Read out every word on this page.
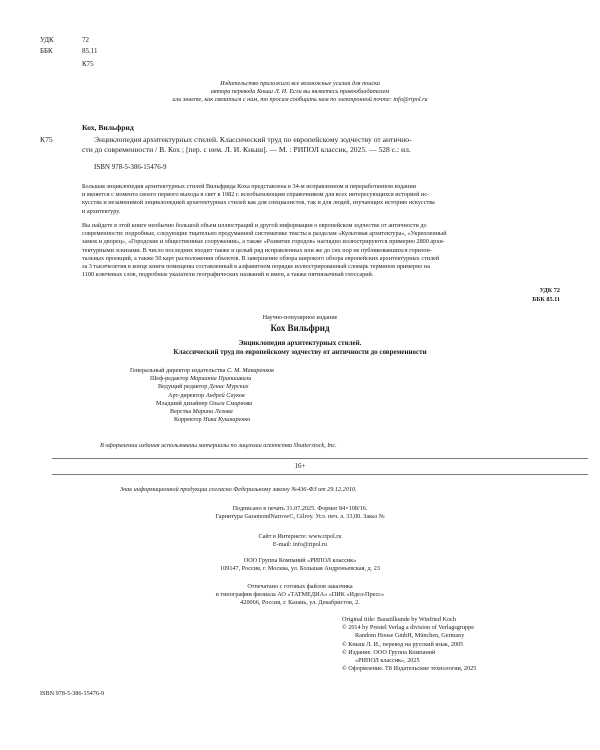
УДК	72
ББК	85.11
К75
Издательство приложило все возможные усилия для поиска
автора перевода Кныш Л. И. Если вы являетесь правообладателем
или знаете, как связаться с ним, то просим сообщить нам по электронной почте: info@ripol.ru
К75
Кох, Вильфрид
Энциклопедия архитектурных стилей. Классический труд по европейскому зодчеству от антично-
сти до современности / В. Кох ; [пер. с нем. Л. И. Кныш]. — М. : РИПОЛ классик, 2025. — 528 с.: ил.
ISBN 978-5-386-15476-9
Большая энциклопедия архитектурных стилей Вильфрида Коха представлена в 34-м исправленном и переработанном издании
и является с момента своего первого выхода в свет в 1982 г. всеобъемлющим справочником для всех интересующихся историей ис-
кусства и незаменимой энциклопедией архитектурных стилей как для специалистов, так и для людей, изучающих историю искусства
и архитектуру.
Вы найдете в этой книге необычно большой объем иллюстраций и другой информации о европейском зодчестве от античности до
современности: подробные, следующие тщательно продуманной систематике тексты к разделам «Культовая архитектура», «Укрепленный
замок и дворец», «Городские и общественные сооружения», а также «Развитие городов» наглядно иллюстрируются примерно 2800 архи-
тектурными эскизами. В число последних входит также и целый ряд исправленных или же до сих пор не публиковавшихся горизон-
тальных проекций, а также 50 карт расположения объектов. В завершение обзора широкого обзора европейских архитектурных стилей
за 3 тысячелетия в конце книги помещены составленный в алфавитном порядке иллюстрированный словарь терминов примерно на
1100 ключевых слов, подробные указатели географических названий и имен, а также пятиязычный глоссарий.
УДК 72
ББК 85.11
Научно-популярное издание
Кох Вильфрид
Энциклопедия архитектурных стилей.
Классический труд по европейскому зодчеству от античности до современности
Генеральный директор издательства С. М. Макаренков
Шеф-редактор Марианна Пранишвили
Ведущий редактор Денис Мурских
Арт-директор Андрей Сауков
Младший дизайнер Ольга Смирнова
Верстка Марина Лезова
Корректор Ника Кушнаренко
В оформлении издания использованы материалы по лицензии агентства Shutterstock, Inc.
16+
Знак информационной продукции согласно Федеральному закону №436-ФЗ от 29.12.2010.
Подписано в печать 31.07.2025. Формат 84×108/16.
Гарнитура GaramondNarrowC, Gilroy. Усл. печ. л. 33,00. Заказ №
Сайт в Интернете: www.ripol.ru
E-mail: info@ripol.ru
ООО Группа Компаний «РИПОЛ классик»
109147, Россия, г. Москва, ул. Большая Андроньевская, д. 23
Отпечатано с готовых файлов заказчика
в типографии филиала АО «ТАТМЕДИА» «ПИК «Идел-Пресс»
420066, Россия, г. Казань, ул. Декабристов, 2.
Original title: Baustilkunde by Winfried Koch
© 2014 by Prestel Verlag a division of Verlagsgruppe
Random House GmbH, München, Germany
© Кныш Л. И., перевод на русский язык, 2005
© Издание. ООО Группа Компаний
«РИПОЛ классик», 2025
© Оформление. Т8 Издательские технологии, 2025
ISBN 978-5-386-15476-9
